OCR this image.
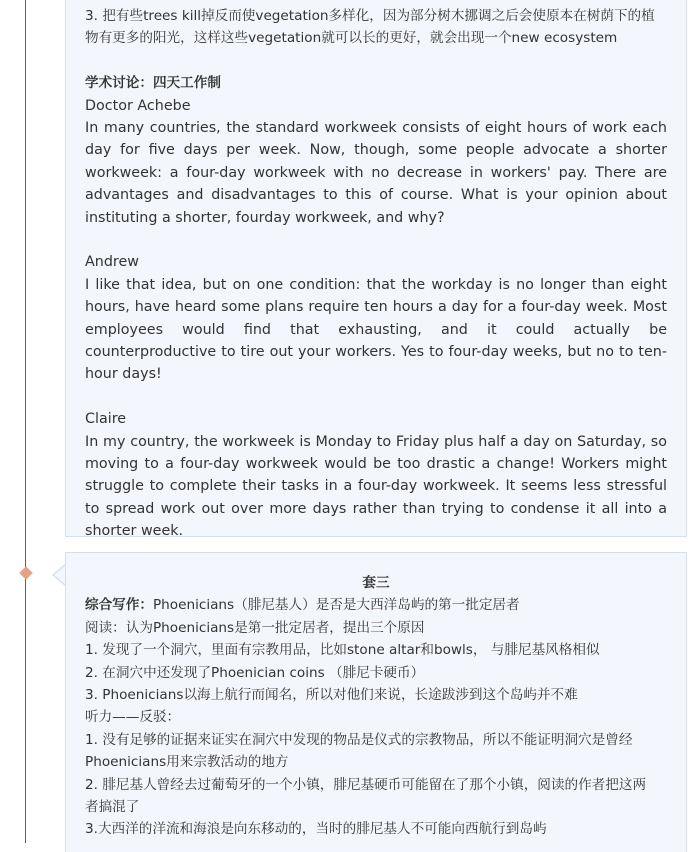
3. 把有些trees kill掉反而使vegetation多样化，因为部分树木挪调之后会使原本在树荫下的植

物有更多的阳光，这样这些vegetation就可以长的更好，就会出现一个new ecosystem

学术讨论：四天工作制

Doctor Achebe

In many countries, the standard workweek consists of eight hours of work each day for five days per week. Now, though, some people advocate a shorter workweek: a four-day workweek with no decrease in workers' pay. There are advantages and disadvantages to this of course. What is your opinion about instituting a shorter, fourday workweek, and why?

Andrew

I like that idea, but on one condition: that the workday is no longer than eight hours, have heard some plans require ten hours a day for a four-day week. Most employees would find that exhausting, and it could actually be counterproductive to tire out your workers. Yes to four-day weeks, but no to ten-hour days!

Claire

In my country, the workweek is Monday to Friday plus half a day on Saturday, so moving to a four-day workweek would be too drastic a change! Workers might struggle to complete their tasks in a four-day workweek. It seems less stressful to spread work out over more days rather than trying to condense it all into a shorter week.

套三

综合写作：Phoenicians（腓尼基人）是否是大西洋岛屿的第一批定居者

阅读：认为Phoenicians是第一批定居者，提出三个原因

1. 发现了一个洞穴，里面有宗教用品，比如stone altar和bowls， 与腓尼基风格相似

2. 在洞穴中还发现了Phoenician coins （腓尼卡硬币）

3. Phoenicians以海上航行而闻名，所以对他们来说，长途跋涉到这个岛屿并不难

听力——反驳：

1. 没有足够的证据来证实在洞穴中发现的物品是仪式的宗教物品，所以不能证明洞穴是曾经

Phoenicians用来宗教活动的地方

2. 腓尼基人曾经去过葡萄牙的一个小镇，腓尼基硬币可能留在了那个小镇，阅读的作者把这两

者搞混了

3.大西洋的洋流和海浪是向东移动的，当时的腓尼基人不可能向西航行到岛屿
